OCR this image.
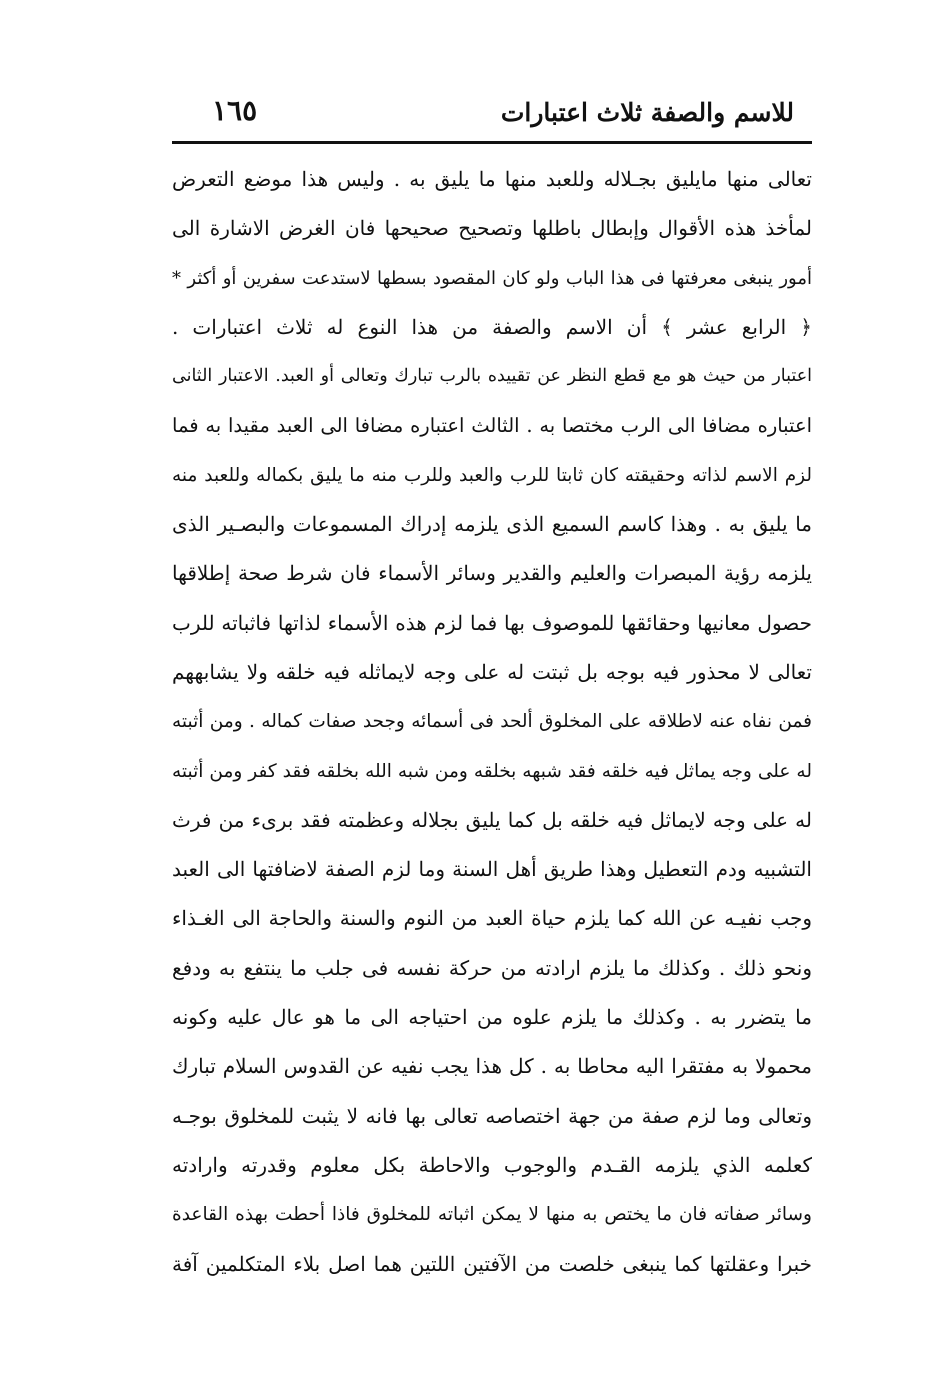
للاسم والصفة ثلاث اعتبارات
١٦٥
تعالى منها مايليق بجـلاله وللعبد منها ما يليق به . وليس هذا موضع التعرض
لمأخذ هذه الأقوال وإبطال باطلها وتصحيح صحيحها فان الغرض الاشارة الى
أمور ينبغى معرفتها فى هذا الباب ولو كان المقصود بسطها لاستدعت سفرين أو أكثر *
﴿ الرابع عشر ﴾ أن الاسم والصفة من هذا النوع له ثلاث اعتبارات .
اعتبار من حيث هو مع قطع النظر عن تقييده بالرب تبارك وتعالى أو العبد. الاعتبار الثانى
اعتباره مضافا الى الرب مختصا به . الثالث اعتباره مضافا الى العبد مقيدا به فما
لزم الاسم لذاته وحقيقته كان ثابتا للرب والعبد وللرب منه ما يليق بكماله وللعبد منه
ما يليق به . وهذا كاسم السميع الذى يلزمه إدراك المسموعات والبصـير الذى
يلزمه رؤية المبصرات والعليم والقدير وسائر الأسماء فان شرط صحة إطلاقها
حصول معانيها وحقائقها للموصوف بها فما لزم هذه الأسماء لذاتها فاثباته للرب
تعالى لا محذور فيه بوجه بل ثبتت له على وجه لايماثله فيه خلقه ولا يشابههم
فمن نفاه عنه لاطلاقه على المخلوق ألحد فى أسمائه وجحد صفات كماله . ومن أثبته
له على وجه يماثل فيه خلقه فقد شبهه بخلقه ومن شبه الله بخلقه فقد كفر ومن أثبته
له على وجه لايماثل فيه خلقه بل كما يليق بجلاله وعظمته فقد برىء من فرث
التشبيه ودم التعطيل وهذا طريق أهل السنة وما لزم الصفة لاضافتها الى العبد
وجب نفيـه عن الله كما يلزم حياة العبد من النوم والسنة والحاجة الى الغـذاء
ونحو ذلك . وكذلك ما يلزم ارادته من حركة نفسه فى جلب ما ينتفع به ودفع
ما يتضرر به . وكذلك ما يلزم علوه من احتياجه الى ما هو عال عليه وكونه
محمولا به مفتقرا اليه محاطا به . كل هذا يجب نفيه عن القدوس السلام تبارك
وتعالى وما لزم صفة من جهة اختصاصه تعالى بها فانه لا يثبت للمخلوق بوجـه
كعلمه الذي يلزمه القـدم والوجوب والاحاطة بكل معلوم وقدرته وارادته
وسائر صفاته فان ما يختص به منها لا يمكن اثباته للمخلوق فاذا أحطت بهذه القاعدة
خبرا وعقلتها كما ينبغى خلصت من الآفتين اللتين هما اصل بلاء المتكلمين آفة
